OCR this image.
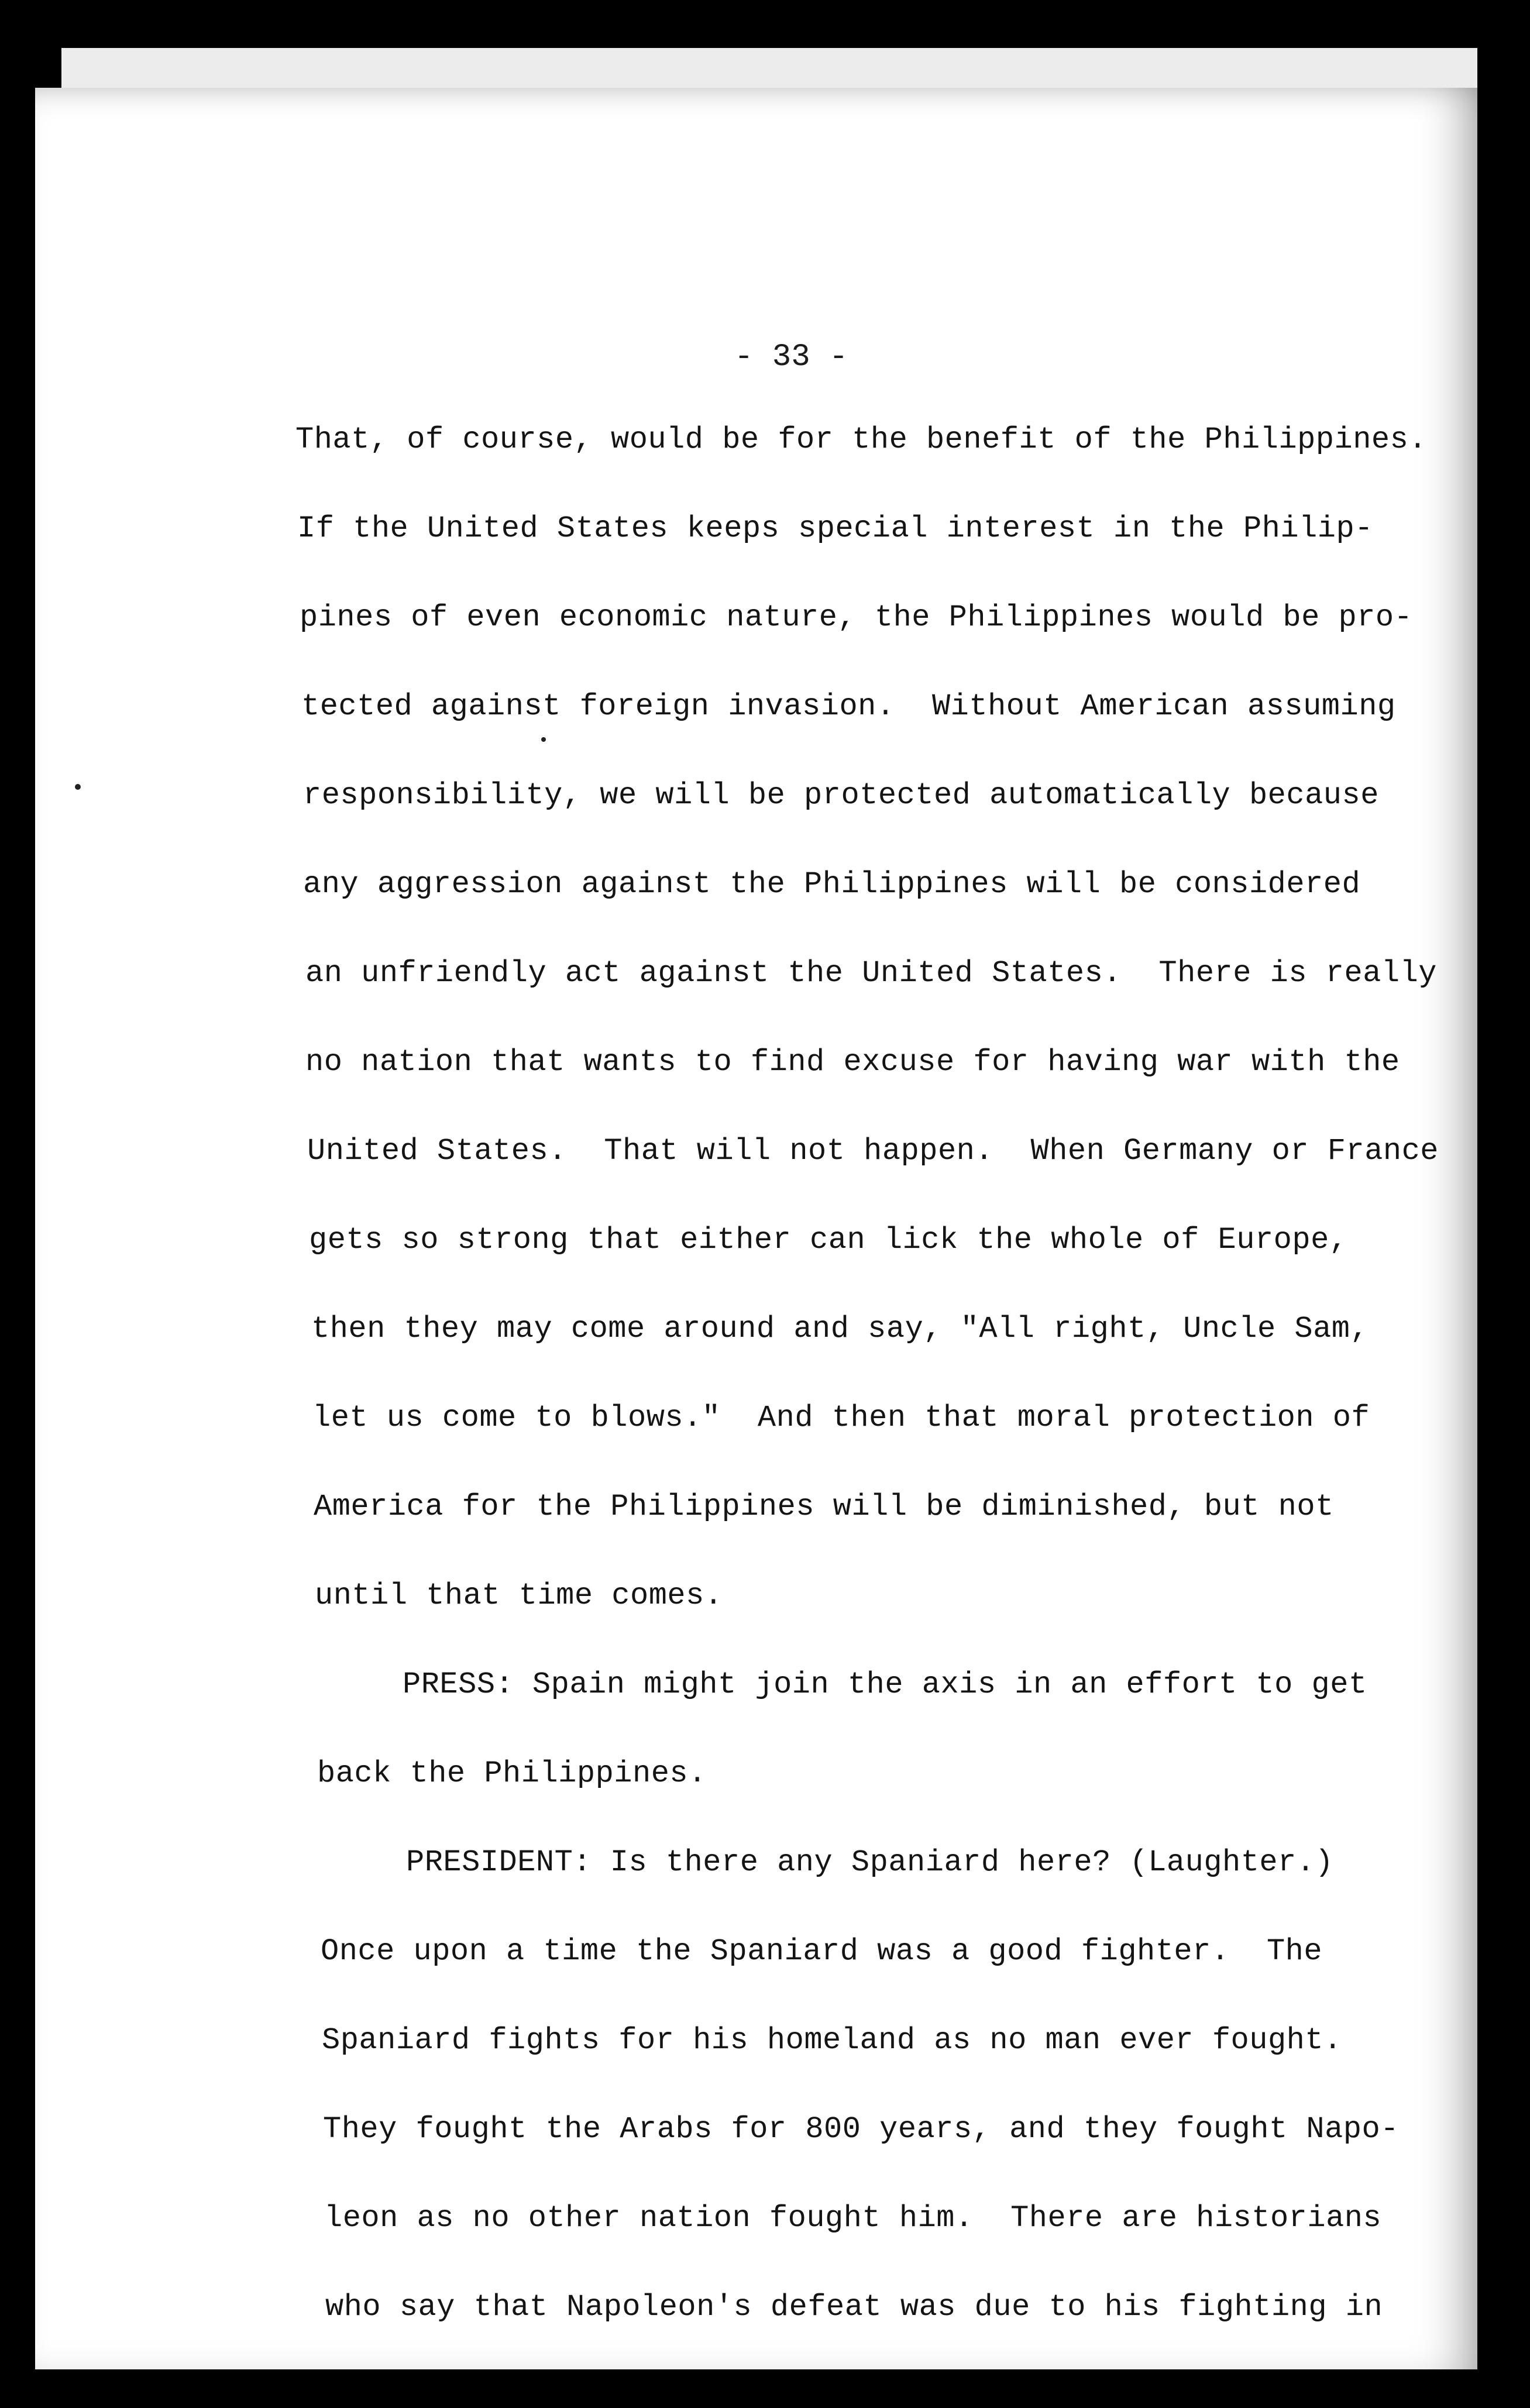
- 33 -
That, of course, would be for the benefit of the Philippines.
If the United States keeps special interest in the Philip-
pines of even economic nature, the Philippines would be pro-
tected against foreign invasion.  Without American assuming
responsibility, we will be protected automatically because
any aggression against the Philippines will be considered
an unfriendly act against the United States.  There is really
no nation that wants to find excuse for having war with the
United States.  That will not happen.  When Germany or France
gets so strong that either can lick the whole of Europe,
then they may come around and say, "All right, Uncle Sam,
let us come to blows."  And then that moral protection of
America for the Philippines will be diminished, but not
until that time comes.
PRESS: Spain might join the axis in an effort to get
back the Philippines.
PRESIDENT: Is there any Spaniard here? (Laughter.)
Once upon a time the Spaniard was a good fighter.  The
Spaniard fights for his homeland as no man ever fought.
They fought the Arabs for 800 years, and they fought Napo-
leon as no other nation fought him.  There are historians
who say that Napoleon's defeat was due to his fighting in
